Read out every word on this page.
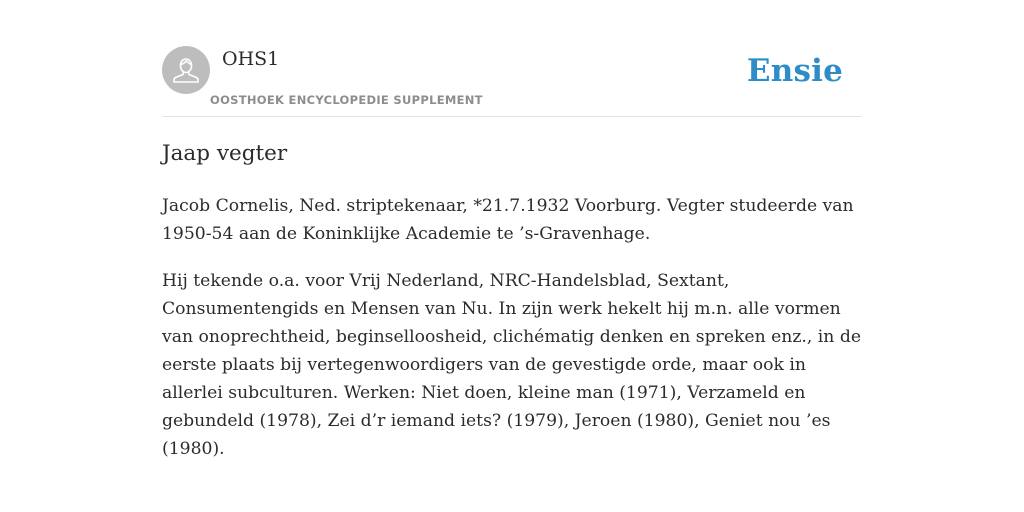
OHS1
OOSTHOEK ENCYCLOPEDIE SUPPLEMENT
Ensie
Jaap vegter

Jacob Cornelis, Ned. striptekenaar, *21.7.1932 Voorburg. Vegter studeerde van 1950-54 aan de Koninklijke Academie te ’s-Gravenhage.

Hij tekende o.a. voor Vrij Nederland, NRC-Handelsblad, Sextant, Consumentengids en Mensen van Nu. In zijn werk hekelt hij m.n. alle vormen van onoprechtheid, beginselloosheid, clichématig denken en spreken enz., in de eerste plaats bij vertegenwoordigers van de gevestigde orde, maar ook in allerlei subculturen. Werken: Niet doen, kleine man (1971), Verzameld en gebundeld (1978), Zei d’r iemand iets? (1979), Jeroen (1980), Geniet nou ’es (1980).
